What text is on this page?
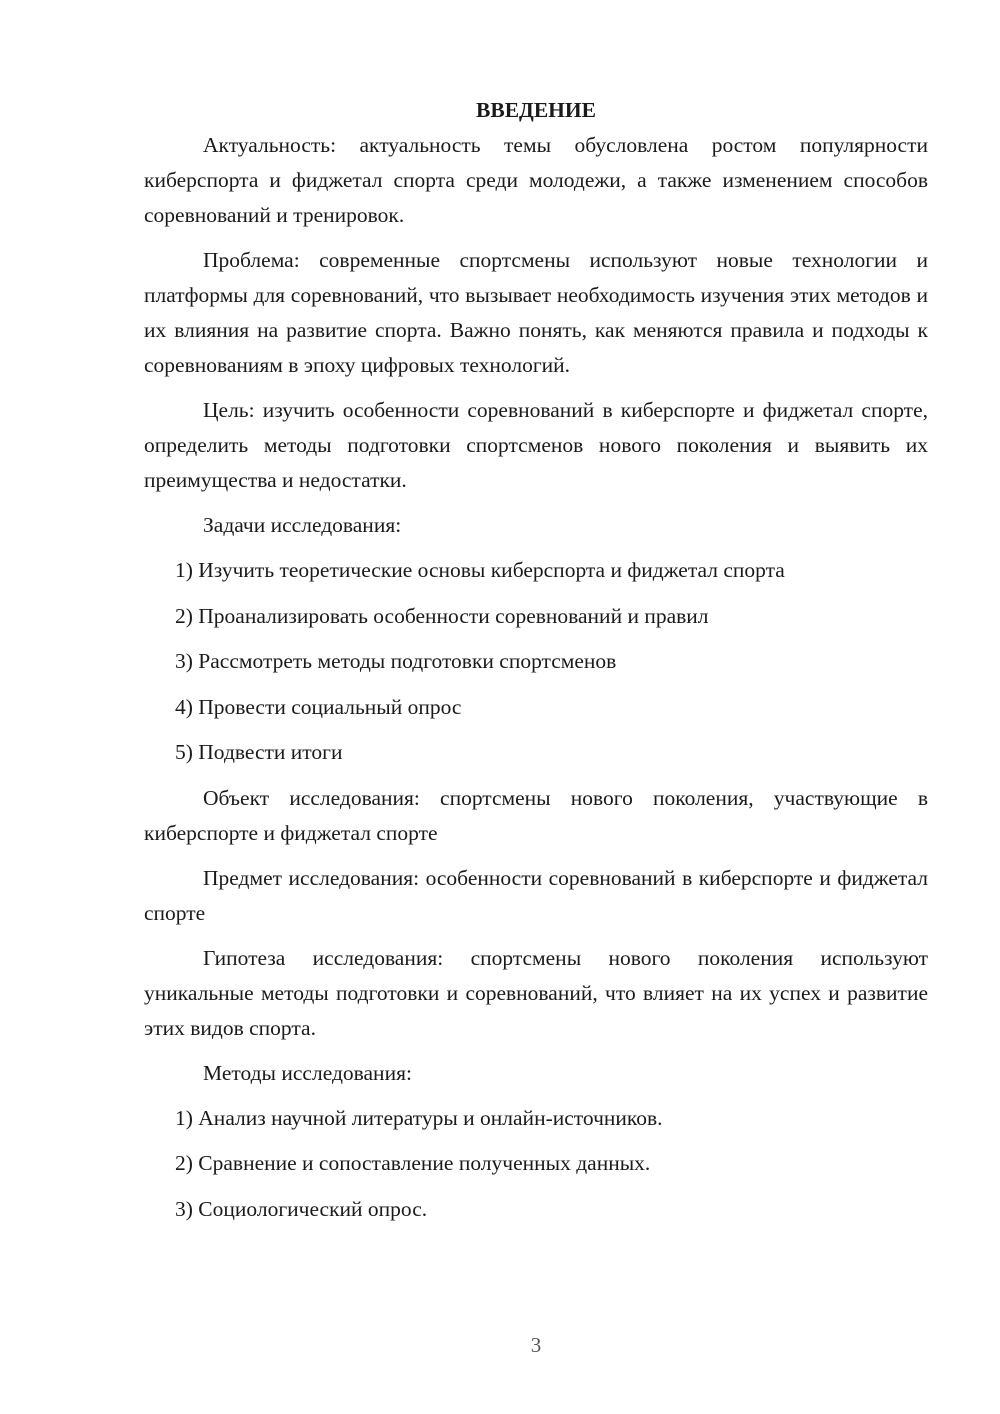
ВВЕДЕНИЕ

Актуальность: актуальность темы обусловлена ростом популярности киберспорта и фиджетал спорта среди молодежи, а также изменением способов соревнований и тренировок.

Проблема: современные спортсмены используют новые технологии и платформы для соревнований, что вызывает необходимость изучения этих методов и их влияния на развитие спорта. Важно понять, как меняются правила и подходы к соревнованиям в эпоху цифровых технологий.

Цель: изучить особенности соревнований в киберспорте и фиджетал спорте, определить методы подготовки спортсменов нового поколения и выявить их преимущества и недостатки.

Задачи исследования:

1) Изучить теоретические основы киберспорта и фиджетал спорта
2) Проанализировать особенности соревнований и правил
3) Рассмотреть методы подготовки спортсменов
4) Провести социальный опрос
5) Подвести итоги

Объект исследования: спортсмены нового поколения, участвующие в киберспорте и фиджетал спорте

Предмет исследования: особенности соревнований в киберспорте и фиджетал спорте

Гипотеза исследования: спортсмены нового поколения используют уникальные методы подготовки и соревнований, что влияет на их успех и развитие этих видов спорта.

Методы исследования:

1) Анализ научной литературы и онлайн-источников.
2) Сравнение и сопоставление полученных данных.
3) Социологический опрос.
3
